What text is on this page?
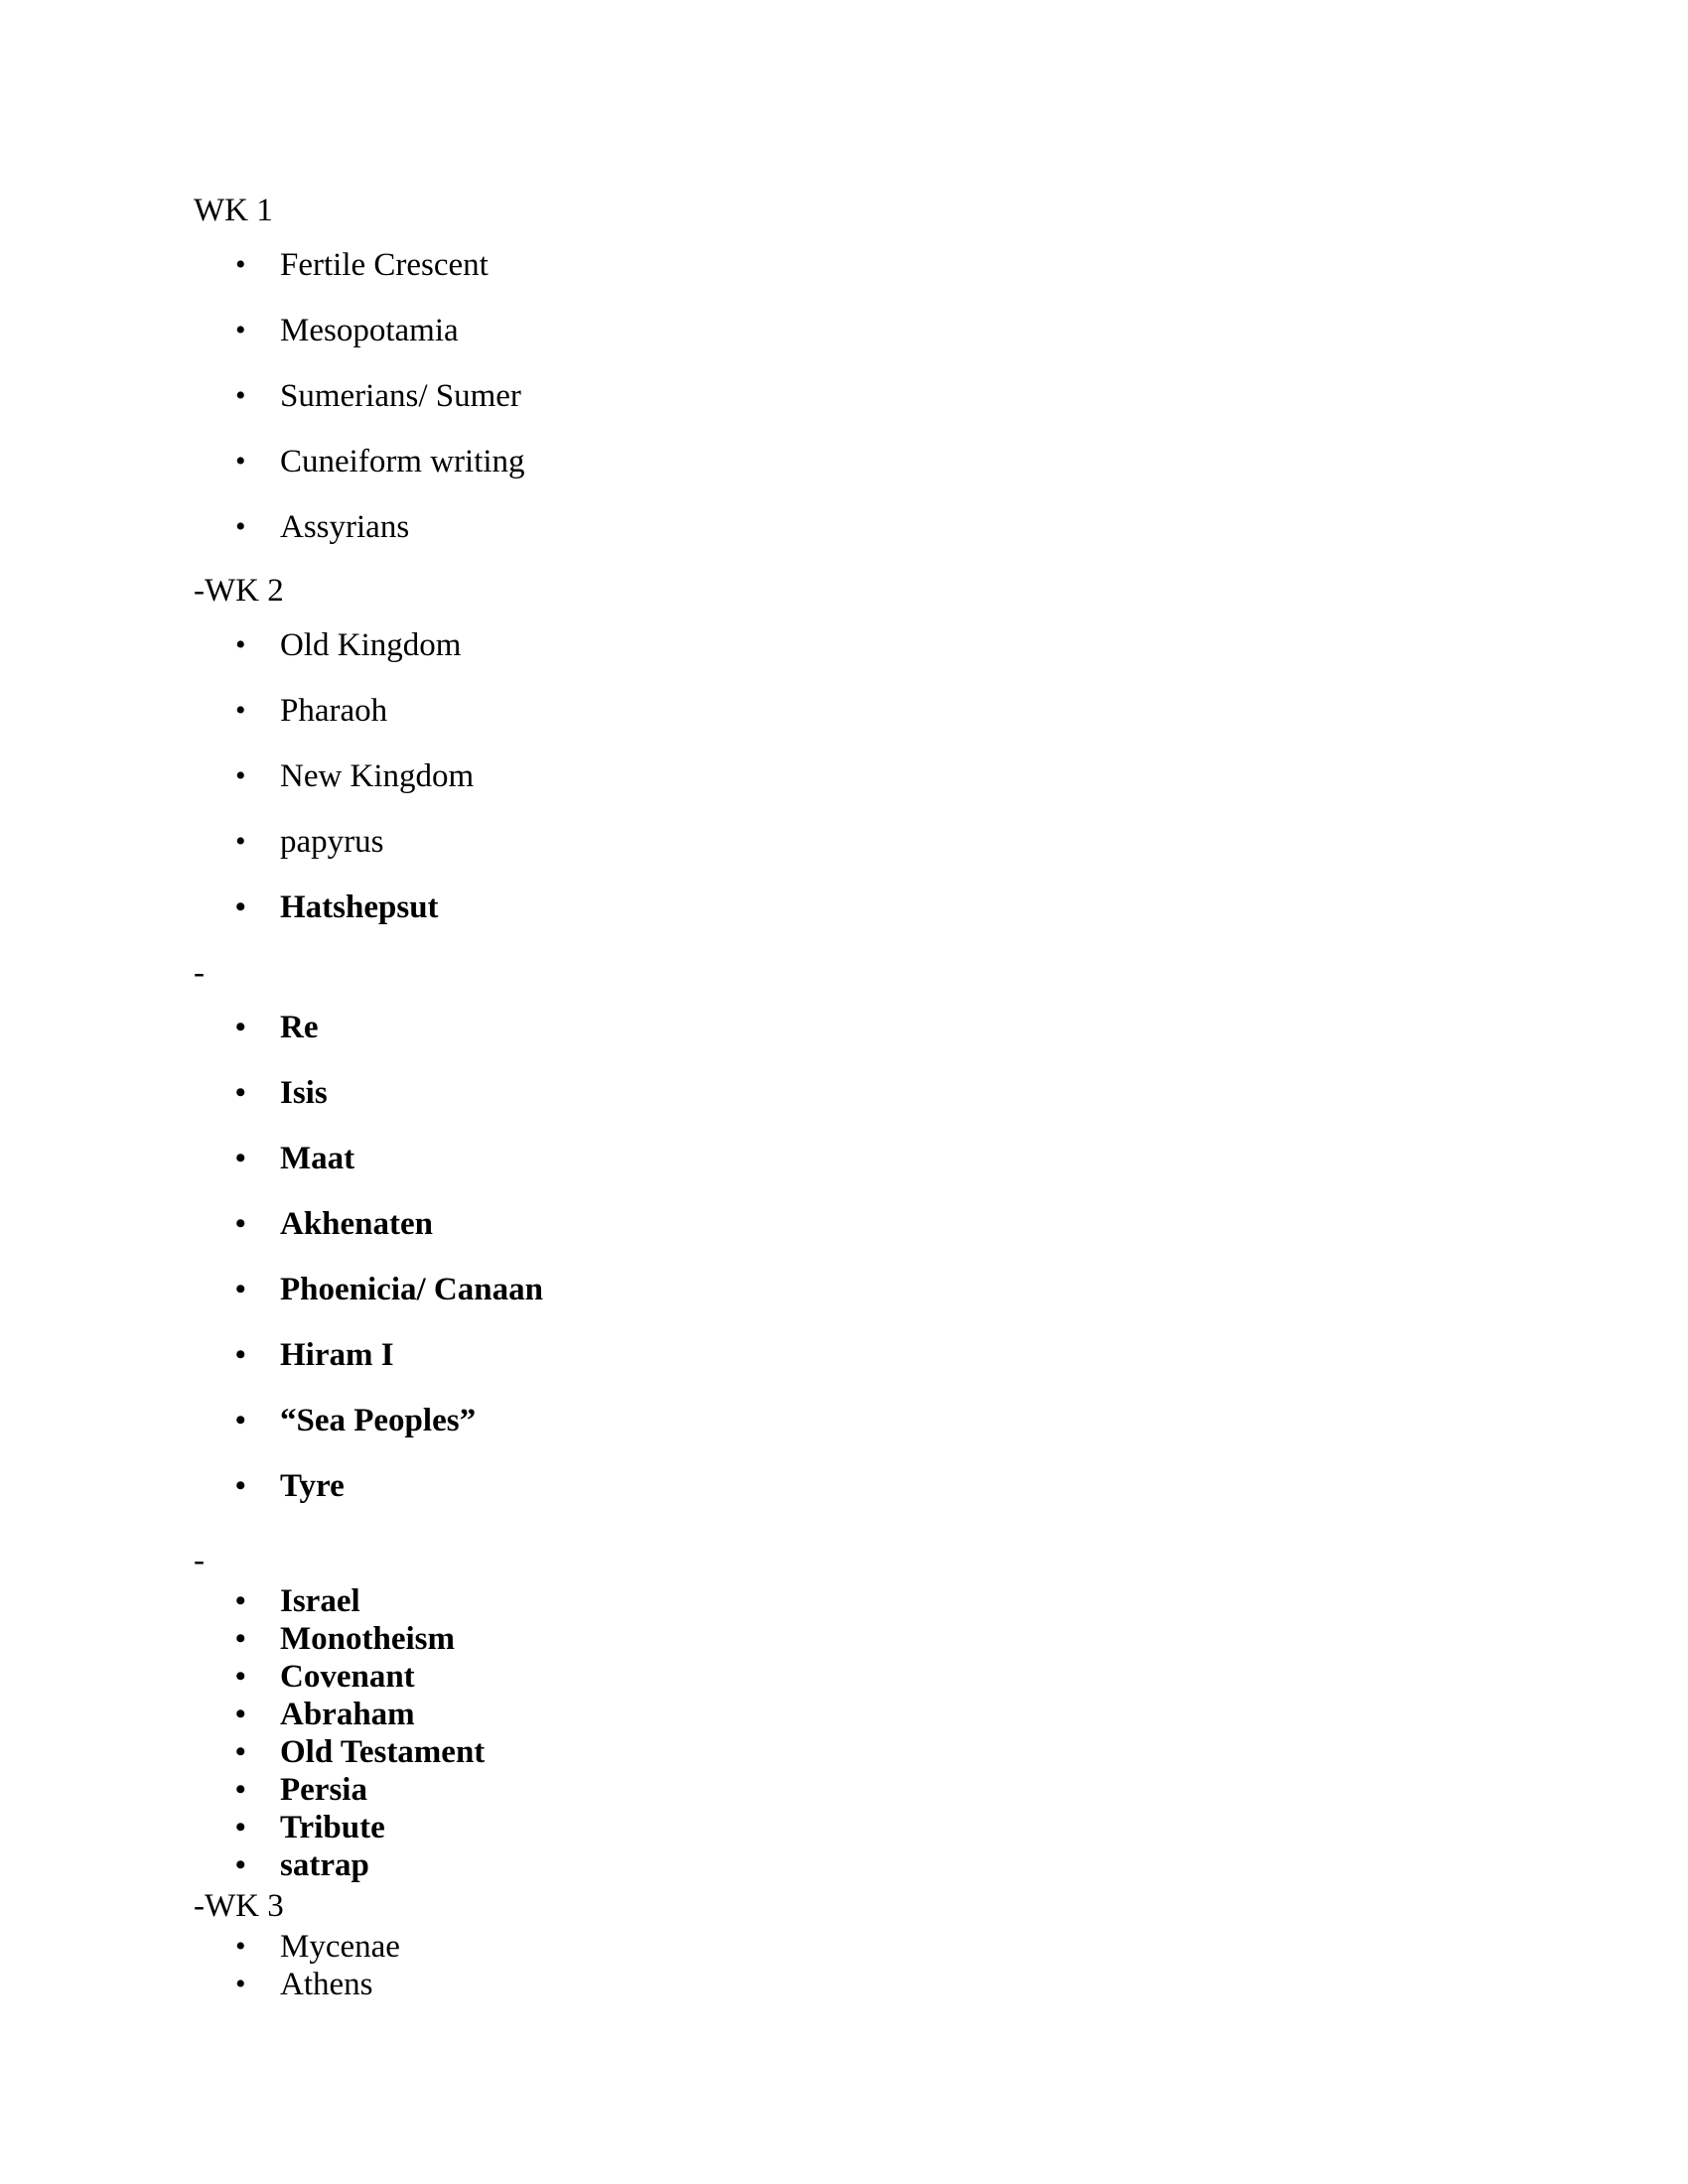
WK 1
•	Fertile Crescent
•	Mesopotamia
•	Sumerians/ Sumer
•	Cuneiform writing
•	Assyrians
-WK 2
•	Old Kingdom
•	Pharaoh
•	New Kingdom
•	papyrus
•	Hatshepsut
-
•	Re
•	Isis
•	Maat
•	Akhenaten
•	Phoenicia/ Canaan
•	Hiram I
•	“Sea Peoples”
•	Tyre
-
•	Israel
•	Monotheism
•	Covenant
•	Abraham
•	Old Testament
•	Persia
•	Tribute
•	satrap
-WK 3
•	Mycenae
•	Athens
